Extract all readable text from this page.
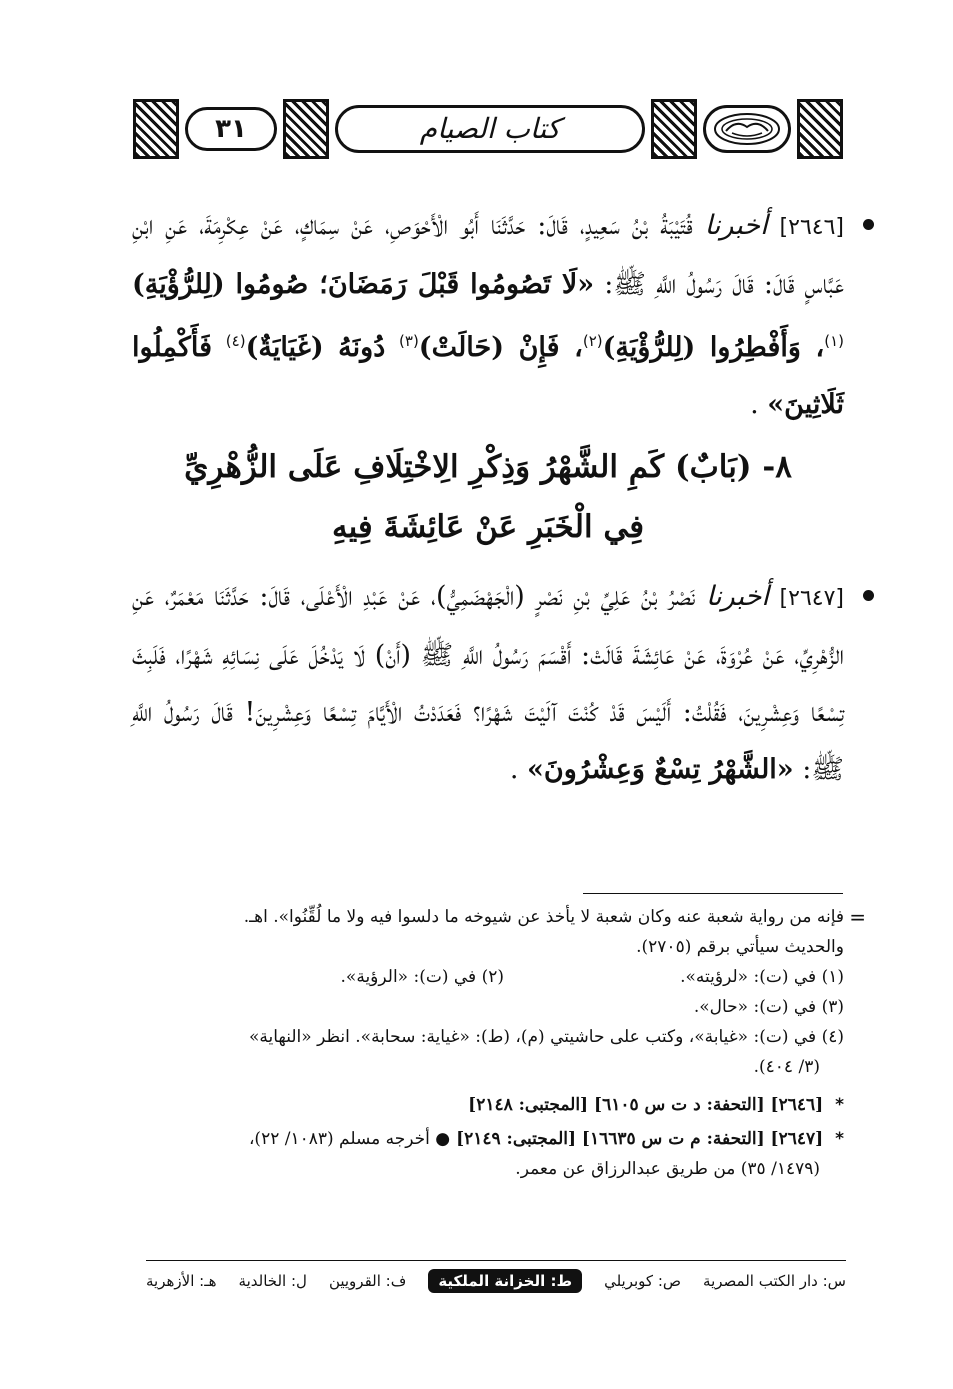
٣١	كتاب الصيام
[٢٦٤٦] أخبرنا قُتَيْبَةُ بْنُ سَعِيدٍ، قَالَ: حَدَّثَنَا أَبُو الْأَحْوَصِ، عَنْ سِمَاكٍ، عَنْ عِكْرِمَةَ، عَنِ ابْنِ عَبَّاسٍ قَالَ: قَالَ رَسُولُ اللَّهِ ﷺ: «لَا تَصُومُوا قَبْلَ رَمَضَانَ؛ صُومُوا (لِلرُّؤْيَةِ)$^{(١)}$، وَأَفْطِرُوا (لِلرُّؤْيَةِ)$^{(٢)}$، فَإِنْ (حَالَتْ)$^{(٣)}$ دُونَهُ (غَيَايَةٌ)$^{(٤)}$ فَأَكْمِلُوا ثَلَاثِينَ» .
٨- (بَابٌ) كَمِ الشَّهْرُ وَذِكْرِ الِاخْتِلَافِ عَلَى الزُّهْرِيِّ
فِي الْخَبَرِ عَنْ عَائِشَةَ فِيهِ
[٢٦٤٧] أخبرنا نَصْرُ بْنُ عَلِيِّ بْنِ نَصْرٍ (الْجَهْضَمِيُّ)، عَنْ عَبْدِ الْأَعْلَى، قَالَ: حَدَّثَنَا مَعْمَرٌ، عَنِ الزُّهْرِيِّ، عَنْ عُرْوَةَ، عَنْ عَائِشَةَ قَالَتْ: أَقْسَمَ رَسُولُ اللَّهِ ﷺ (أَنْ) لَا يَدْخُلَ عَلَى نِسَائِهِ شَهْرًا، فَلَبِثَ تِسْعًا وَعِشْرِينَ، فَقُلْتُ: أَلَيْسَ قَدْ كُنْتَ آلَيْتَ شَهْرًا؟ فَعَدَدْتُ الْأَيَّامَ تِسْعًا وَعِشْرِينَ! قَالَ رَسُولُ اللَّهِ ﷺ: «الشَّهْرُ تِسْعٌ وَعِشْرُونَ» .
=
فإنه من رواية شعبة عنه وكان شعبة لا يأخذ عن شيوخه ما دلسوا فيه ولا ما لُقِّنُوا». اهـ.
والحديث سيأتي برقم (٢٧٠٥).
(١) في (ت): «لرؤيته».
(٢) في (ت): «الرؤية».
(٣) في (ت): «حال».
(٤) في (ت): «غيابة»، وكتب على حاشيتي (م)، (ط): «غياية: سحابة». انظر «النهاية»
(٣/ ٤٠٤).
* [٢٦٤٦] [التحفة: د ت س ٦١٠٥] [المجتبى: ٢١٤٨]
* [٢٦٤٧] [التحفة: م ت س ١٦٦٣٥] [المجتبى: ٢١٤٩] ● أخرجه مسلم (١٠٨٣/ ٢٢)،
(١٤٧٩/ ٣٥) من طريق عبدالرزاق عن معمر.
س: دار الكتب المصرية
ص: كوبريلي
ط: الخزانة الملكية
ف: القرويين
ل: الخالدية
هـ: الأزهرية
